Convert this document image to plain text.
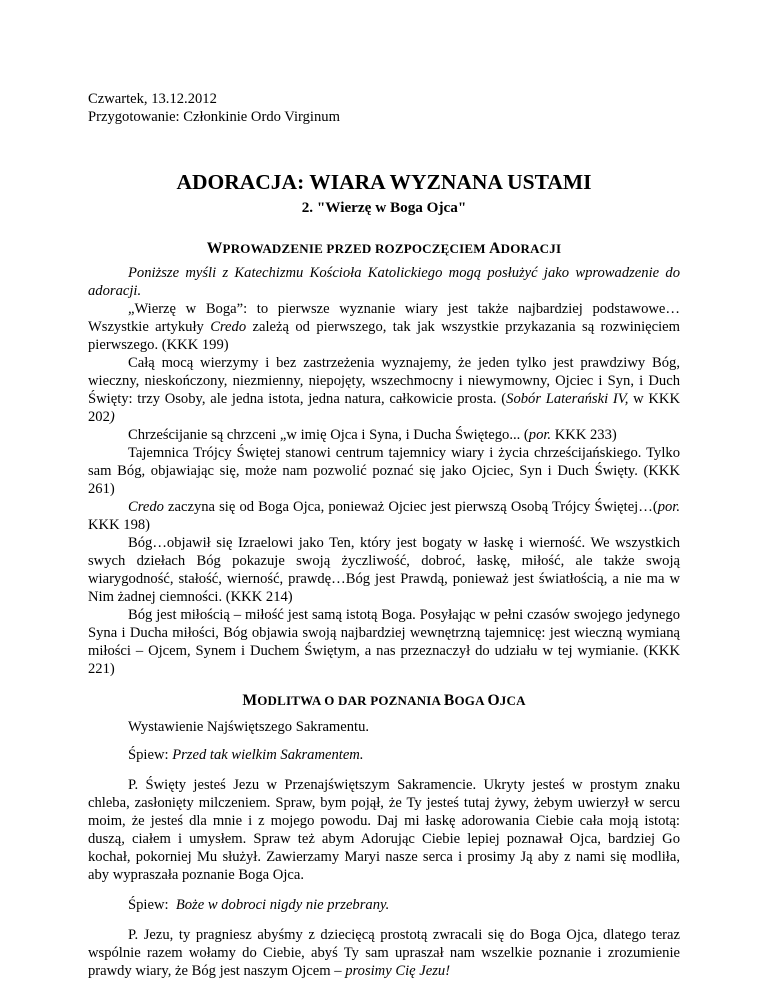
Czwartek, 13.12.2012

Przygotowanie: Członkinie Ordo Virginum

ADORACJA: WIARA WYZNANA USTAMI
2. "Wierzę w Boga Ojca"
WPROWADZENIE PRZED ROZPOCZĘCIEM ADORACJI

Poniższe myśli z Katechizmu Kościoła Katolickiego mogą posłużyć jako wprowadzenie do adoracji.

„Wierzę w Boga”: to pierwsze wyznanie wiary jest także najbardziej podstawowe…Wszystkie artykuły Credo zależą od pierwszego, tak jak wszystkie przykazania są rozwinięciem pierwszego. (KKK 199)

Całą mocą wierzymy i bez zastrzeżenia wyznajemy, że jeden tylko jest prawdziwy Bóg, wieczny, nieskończony, niezmienny, niepojęty, wszechmocny i niewymowny, Ojciec i Syn, i Duch Święty: trzy Osoby, ale jedna istota, jedna natura, całkowicie prosta. (Sobór Laterański IV, w KKK 202)

Chrześcijanie są chrzceni „w imię Ojca i Syna, i Ducha Świętego... (por. KKK 233)

Tajemnica Trójcy Świętej stanowi centrum tajemnicy wiary i życia chrześcijańskiego. Tylko sam Bóg, objawiając się, może nam pozwolić poznać się jako Ojciec, Syn i Duch Święty. (KKK 261)

Credo zaczyna się od Boga Ojca, ponieważ Ojciec jest pierwszą Osobą Trójcy Świętej…(por. KKK 198)

Bóg…objawił się Izraelowi jako Ten, który jest bogaty w łaskę i wierność. We wszystkich swych dziełach Bóg pokazuje swoją życzliwość, dobroć, łaskę, miłość, ale także swoją wiarygodność, stałość, wierność, prawdę…Bóg jest Prawdą, ponieważ jest światłością, a nie ma w Nim żadnej ciemności. (KKK 214)

Bóg jest miłością – miłość jest samą istotą Boga. Posyłając w pełni czasów swojego jedynego Syna i Ducha miłości, Bóg objawia swoją najbardziej wewnętrzną tajemnicę: jest wieczną wymianą miłości – Ojcem, Synem i Duchem Świętym, a nas przeznaczył do udziału w tej wymianie. (KKK 221)

MODLITWA O DAR POZNANIA BOGA OJCA

Wystawienie Najświętszego Sakramentu.

Śpiew: Przed tak wielkim Sakramentem.

P. Święty jesteś Jezu w Przenajświętszym Sakramencie. Ukryty jesteś w prostym znaku chleba, zasłonięty milczeniem. Spraw, bym pojął, że Ty jesteś tutaj żywy, żebym uwierzył w sercu moim, że jesteś dla mnie i z mojego powodu. Daj mi łaskę adorowania Ciebie cała moją istotą: duszą, ciałem i umysłem. Spraw też abym Adorując Ciebie lepiej poznawał Ojca, bardziej Go kochał, pokorniej Mu służył. Zawierzamy Maryi nasze serca i prosimy Ją aby z nami się modliła, aby wypraszała poznanie Boga Ojca.

Śpiew:  Boże w dobroci nigdy nie przebrany.

P. Jezu, ty pragniesz abyśmy z dziecięcą prostotą zwracali się do Boga Ojca, dlatego teraz wspólnie razem wołamy do Ciebie, abyś Ty sam upraszał nam wszelkie poznanie i zrozumienie prawdy wiary, że Bóg jest naszym Ojcem – prosimy Cię Jezu!
